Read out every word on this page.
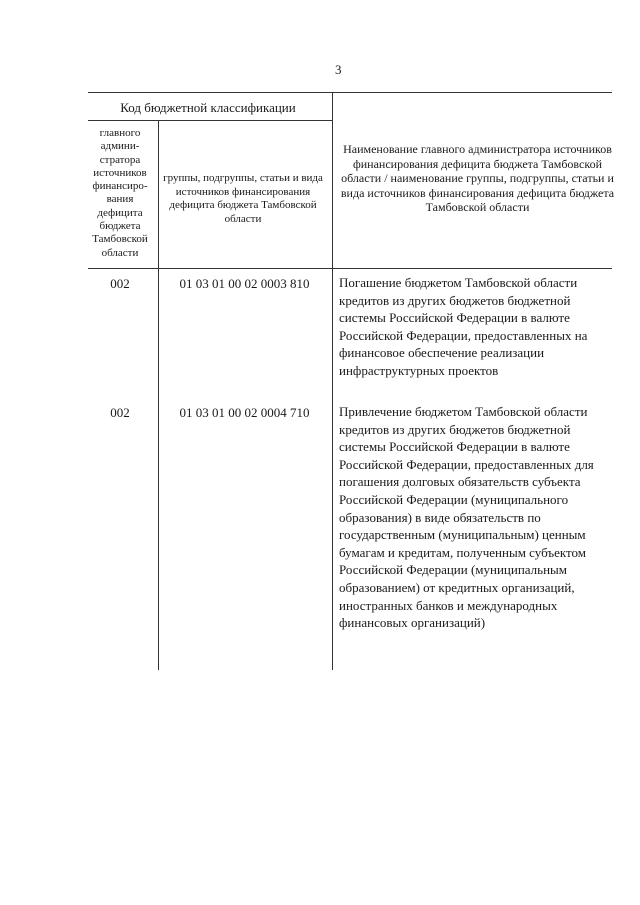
3
Код бюджетной классификации
главного админи-стратора источников финансиро-вания дефицита бюджета Тамбовской области
группы, подгруппы, статьи и вида источников финансирования дефицита бюджета Тамбовской области
Наименование главного администратора источников финансирования дефицита бюджета Тамбовской области / наименование группы, подгруппы, статьи и вида источников финансирования дефицита бюджета Тамбовской области
002	01 03 01 00 02 0003 810	Погашение бюджетом Тамбовской области кредитов из других бюджетов бюджетной системы Российской Федерации в валюте Российской Федерации, предоставленных на финансовое обеспечение реализации инфраструктурных проектов
002	01 03 01 00 02 0004 710	Привлечение бюджетом Тамбовской области кредитов из других бюджетов бюджетной системы Российской Федерации в валюте Российской Федерации, предоставленных для погашения долговых обязательств субъекта Российской Федерации (муниципального образования) в виде обязательств по государственным (муниципальным) ценным бумагам и кредитам, полученным субъектом Российской Федерации (муниципальным образованием) от кредитных организаций, иностранных банков и международных финансовых организаций)
